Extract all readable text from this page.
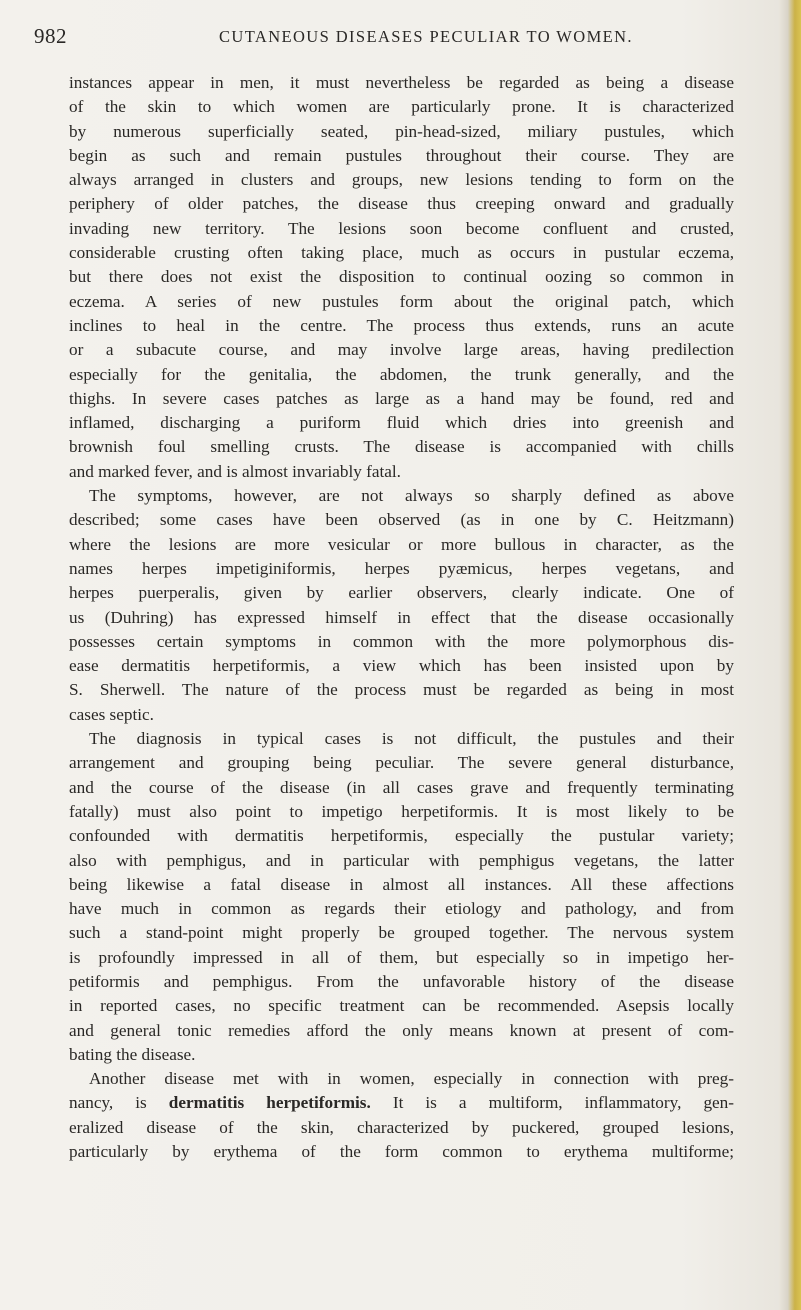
982	CUTANEOUS DISEASES PECULIAR TO WOMEN.
instances appear in men, it must nevertheless be regarded as being a disease
of the skin to which women are particularly prone. It is characterized
by numerous superficially seated, pin-head-sized, miliary pustules, which
begin as such and remain pustules throughout their course. They are
always arranged in clusters and groups, new lesions tending to form on the
periphery of older patches, the disease thus creeping onward and gradually
invading new territory. The lesions soon become confluent and crusted,
considerable crusting often taking place, much as occurs in pustular eczema,
but there does not exist the disposition to continual oozing so common in
eczema. A series of new pustules form about the original patch, which
inclines to heal in the centre. The process thus extends, runs an acute
or a subacute course, and may involve large areas, having predilection
especially for the genitalia, the abdomen, the trunk generally, and the
thighs. In severe cases patches as large as a hand may be found, red and
inflamed, discharging a puriform fluid which dries into greenish and
brownish foul smelling crusts. The disease is accompanied with chills
and marked fever, and is almost invariably fatal.
The symptoms, however, are not always so sharply defined as above
described; some cases have been observed (as in one by C. Heitzmann)
where the lesions are more vesicular or more bullous in character, as the
names herpes impetiginiformis, herpes pyæmicus, herpes vegetans, and
herpes puerperalis, given by earlier observers, clearly indicate. One of
us (Duhring) has expressed himself in effect that the disease occasionally
possesses certain symptoms in common with the more polymorphous dis-
ease dermatitis herpetiformis, a view which has been insisted upon by
S. Sherwell. The nature of the process must be regarded as being in most
cases septic.
The diagnosis in typical cases is not difficult, the pustules and their
arrangement and grouping being peculiar. The severe general disturbance,
and the course of the disease (in all cases grave and frequently terminating
fatally) must also point to impetigo herpetiformis. It is most likely to be
confounded with dermatitis herpetiformis, especially the pustular variety;
also with pemphigus, and in particular with pemphigus vegetans, the latter
being likewise a fatal disease in almost all instances. All these affections
have much in common as regards their etiology and pathology, and from
such a stand-point might properly be grouped together. The nervous system
is profoundly impressed in all of them, but especially so in impetigo her-
petiformis and pemphigus. From the unfavorable history of the disease
in reported cases, no specific treatment can be recommended. Asepsis locally
and general tonic remedies afford the only means known at present of com-
bating the disease.
Another disease met with in women, especially in connection with preg-
nancy, is dermatitis herpetiformis. It is a multiform, inflammatory, gen-
eralized disease of the skin, characterized by puckered, grouped lesions,
particularly by erythema of the form common to erythema multiforme;
